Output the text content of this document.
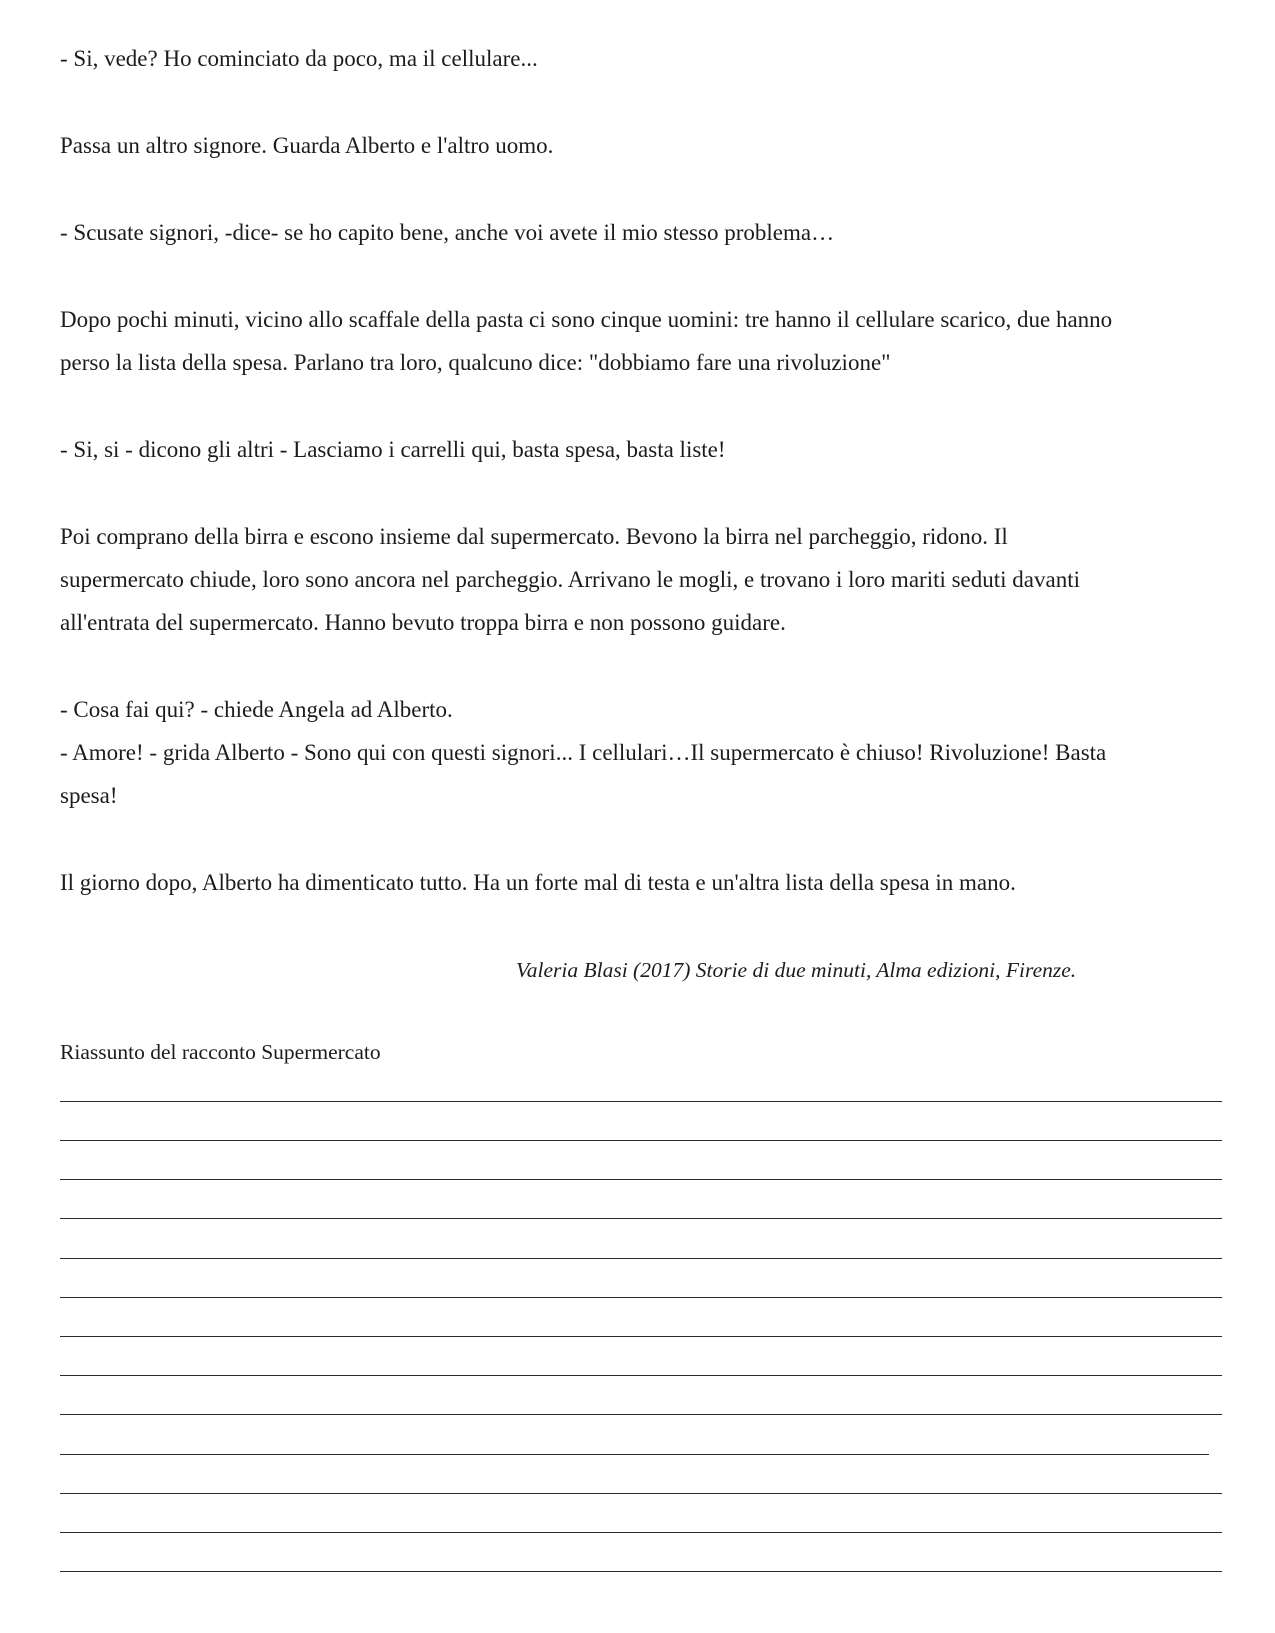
- Si, vede? Ho cominciato da poco, ma il cellulare...

Passa un altro signore. Guarda Alberto e l'altro uomo.

- Scusate signori, -dice- se ho capito bene, anche voi avete il mio stesso problema…

Dopo pochi minuti, vicino allo scaffale della pasta ci sono cinque uomini: tre hanno il cellulare scarico, due hanno

perso la lista della spesa. Parlano tra loro, qualcuno dice: "dobbiamo fare una rivoluzione"

- Si, si - dicono gli altri - Lasciamo i carrelli qui, basta spesa, basta liste!

Poi comprano della birra e escono insieme dal supermercato. Bevono la birra nel parcheggio, ridono. Il

supermercato chiude, loro sono ancora nel parcheggio. Arrivano le mogli, e trovano i loro mariti seduti davanti

all'entrata del supermercato. Hanno bevuto troppa birra e non possono guidare.

- Cosa fai qui? - chiede Angela ad Alberto.

- Amore! - grida Alberto - Sono qui con questi signori... I cellulari…Il supermercato è chiuso! Rivoluzione! Basta

spesa!

Il giorno dopo, Alberto ha dimenticato tutto. Ha un forte mal di testa e un'altra lista della spesa in mano.

Valeria Blasi (2017) Storie di due minuti, Alma edizioni, Firenze.

Riassunto del racconto Supermercato
